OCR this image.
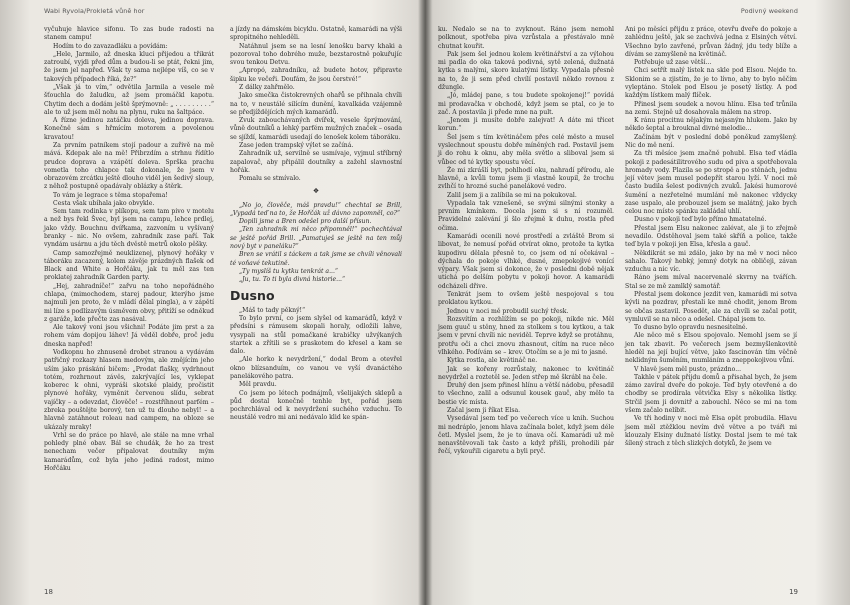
Wabi Ryvola/Prokletá vůně hor

vyčuhuje hlavice sifonu. To zas bude radosti na stanem campu!

Hodím to do zavazadláku a povídám:

„Hele, Jarmilo, až dneska kluci přijedou a třikrát zatroubí, vyjdi před dům a budou-li se ptát, řekni jim, že jsem jel napřed. Však ty sama nejlépe víš, co se v takových případech říká, že?“

„Však já to vím,“ odvětila Jarmila a vesele mě šťouchla do žaludku, až jsem promáčkl kapotu. Chytim dech a dodám ještě šprýmovně: „ . . . . . . . . .“ ale to už jsem měl nohu na plynu, ruku na šaltpáce.

A řízne jedinou zatáčku doleva, jedinou doprava. Konečně sám s hřmícím motorem a povolenou kravatou!

Za prvním patníkem stojí padour a zuřivě na mě mává. Kdepak ale na mě! Přibrzdím a strhnu řídítlo prudce doprava a vzápětí doleva. Sprška prachu vometla toho chlapce tak dokonale, že jsem v obrazovém zrcátku ještě dlouho viděl jen šedivý sloup, z něhož postupně opadávaly oblázky a štěrk.

To vám je legrace s těma stopařema!

Cesta však ubíhala jako obvykle.

Sem tam rodinka v plíkopu, sem tam pivo v motelu a než bys řekl Švec, byl jsem na campu, lehce prdlej, jako vždy. Bouchnu dvířkama, zazvoním u vyšívaný branky – nic. No ovšem, zahradník zase paří. Tak vyndám usárnu a jdu těch dvěstě metrů okolo pěšky.

Camp samozřejmě neuklizenej, plynový hořáky v táboráku zacazený, kolem závěje prázdných flašek od Black and White a Hořčáku, jak tu měl zas ten proklatej zahradník Garden party.

„Hej, zahradníče!“ zařvu na toho nepořádného chlapa, (mimochodem, starej padour, kterýho jsme najmuli jen proto, že v mládí dělal pingla), a v zápětí mi líze s podlízavým úsměvem obvy, přitíží se odněkud z garáže, kde přečte zas nasával.

Ale takový voni jsou všichni! Podáte jim prst a za rohem vám dopijou láhev! Já věděl dobře, proč jedu dneska napřed!

Vodkopnu ho zhnuseně drobet stranou a vydávám patřičný rozkazy hlasem medovým, ale změjícím jeho uším jako práskání bičem: „Prodat flašky, vydrhnout totém, rozhrnout závěs, zakrývající les, vyklepat koberec k ohni, vypráši skotské plaidy, pročistit plynové hořáky, vyměnit červenou slídu, sebrat vajíčky – a odevzdat, člověče! – rozstříhnout parfém – zbreka pouštějte borový, ten už tu dlouho nebyl! – a hlavně zatáhnout roleau nad campem, na obloze se ukázaly mraky!

Vrhl se do práce po hlavě, ale stále na mne vrhal pohledy plné obav. Bál se chudák, že ho za trest nenecham večer připalovat doutníky mým kamarádům, což byla jeho jediná radost, mimo Hořčáku

a jízdy na dámském bicyklu. Ostatně, kamarádi na výši spropitného nehleděli.

Natáhnul jsem se na lesní lenošku barvy khaki a pozoroval toho dobrého muže, bezstarostně pokuřujíc svou tenkou Detvu.

„Apropó, zahradníku, až budete hotov, připravte šipku ke večeři. Doufám, že jsou čerstvé!“

Z dálky zahřmělo.

Jako smečka čistokrevných ohařů se přihnala chvíli na to, v neustálé silícím dunění, kavalkáda vzájemně se předjíždějících mých kamarádů.

Zvuk zabouchávaných dvířek, vesele šprýmování, vůně doutníků a lehký parfém mužných značek – osada se sjíždí, kamarádi usedají do lenošek kolem táboráku.

Zase jeden trampský výlet se začíná.

Zahradník už, servilně se usmívaje, vyjmul stříbrný zapalovač, aby připálil doutníky a zažehl slavnostní hořák.

Pomalu se stmívalo.

❖

„No jo, člověče, máš pravdu!“ chechtal se Brill, „Vypadá teď na to, že Hořčák už dávno zapomněl, co?“

Dopili jsme a Bren odešel pro další přísun.

„Ten zahradník mi něco připomněl!“ pochechtával se ještě pořád Brill. „Pamatuješ se ještě na ten můj nový byt v paneláku?“

Bren se vrátil s táckem a tak jsme se chvíli věnovali té voňavé tekutině.

„Ty myslíš tu kytku tenkrát a...“

„Ju, tu. To ti byla divná historie...“

Dusno

„Máš to tady pěkný!“

To bylo první, co jsem slyšel od kamarádů, když v předsíni s rámusem skopali horaly, odložili lahve, vysypali na stůl pomačkané krabičky užvýkaných startek a zřítili se s praskotem do křesel a kam se dalo.

„Ale horko k nevydržení,“ dodal Brom a otevřel okno blízsanduím, co vanou ve vyší dvanáctého panelákového patra.

Měl pravdu.

Co jsem po létech podnájmů, všelijakých sklepů a půd dostal konečně tenhle byt, pořád jsem pochrchlával od k nevydržení suchého vzduchu. To neustálé vedro mi ani nedávalo klid ke spán-

18
Podivný weekend

ku. Nedalo se na to zvyknout. Ráno jsem nemohl polknout, spotřeba piva vzrůstala a přestávalo mně chutnat kouřit.

Pak jsem šel jednou kolem květinářství a za výlohou mi padla do oka taková podivná, sytě zelená, dužnatá kytka s malými, skoro kulatými lístky. Vypadala přesně na to, že ji sem před chvílí postavil někdo rovnou z džungle.

„Jó, mládej pane, s tou budete spokojenej!“ povídá mi prodavačka v obchodě, když jsem se ptal, co je to zač. A postavila ji přede mne na pult.

„Jenom ji musíte dobře zalejvat! A dáte mi třicet korun.“

Šel jsem s tím květináčem přes celé město a musel vyslechnout spoustu dobře míněných rad. Postavil jsem ji do rohu k oknu, aby měla světlo a sliboval jsem si vůbec od té kytky spoustu věcí.

Že mi zkrášlí byt, pohlhodí oku, nahradí přírodu, ale hlavně, a kvůli tomu jsem ji vlastně koupil, že trochu zvlhčí to hrozné suché panelákové vedro.

Zalil jsem ji a zalíbila se mi na pokukoval.

Vypadala tak vznešeně, se svými silnými stonky a prvním kmínkem. Docela jsem si s ní rozuměl. Pravidelné zalévání jí šlo zřejmě k duhu, rostla před očima.

Kamarádi ocenili nové prostředí a zvláště Brom si libovat, že nemusí pořád otvírat okno, protože ta kytka kupodivu dělala přesně to, co jsem od ní očekával – dýchala do pokoje vlhké, dusné, zmepokojivé vonící výpary. Však jsem si dokonce, že v posledni době nějak utichá po delším pobytu v pokoji hovor. A kamarádi odcházeli dřive.

Tenkrát jsem to ovšem ještě nespojoval s tou proklatou kytkou.

Jednou v noci mě probudil suchý třesk.

Rozsvítím a rozhlížím se po pokoji, nikde nic. Měl jsem guuč u stěny, hned za stolkem s tou kytkou, a tak jsem v první chvíli nic neviděl. Teprve když se protáhnu, protřu oči a chci znovu zhasnout, cítím na ruce něco vlhkého. Podívám se – krev. Otočím se a je mi to jasné.

Kytka rostla, ale květináč ne.

Jak se kořeny rozrůstaly, nakonec to květináč nevydržel a roztetěl se. Jeden střep mě škrábl na čele.

Druhý den jsem přinesl hlínu a větší nádobu, přesadil to všechno, zalil a odsunul kousek gauč, aby mělo ta bestie víc místa.

Začal jsem ji říkat Elsa.

Vysedával jsem teď po večerech více u knih. Suchou mi nedráplo, jenom hlava začínala bolet, když jsem déle četl. Myslel jsem, že je to únava očí. Kamarádi už mě nenavštěvovali tak často a když přišli, prohodili pár řečí, vykouřili cigaretu a byli pryč.

Ani po měsíci přijdu z práce, otevřu dveře do pokoje a zahlédnu ještě, jak se zachvívá jedna z Elsiných větví. Všechno bylo zavřené, průvan žádný, jdu tedy blíže a dívám se zamyšleně na květináč.

Potřebuje už zase větší...

Chci setřít malý lístek na skle pod Elsou. Nejde to. Sklonim se a zjistím, že je to lívno, aby to bylo něčím vyleptáno. Stolek pod Elsou je posetý lístky. A pod každým lístkem malý flíček.

Přinesl jsem soudek a novou hlínu. Elsa teď trůnila na zemi. Stejně už dosahovala málem na strop.

K ránu procitnu nějakým nejasným hlukem. Jako by někdo šeptal a brouknal divné melodie...

Začínám být v poslední době poněkud zamyšlený. Nic do mě není.

Za tři měsíce jsem značně pohubl. Elsa teď vládla pokoji z padesátilitrového sudu od piva a spotřebovala hromady vody. Plazila se po stropě a po stěnách, jednu její větev jsem musel podepřít starou lyží. V noci mě často budila šelest podivných zvuků. Jakési humorové šumění a nezřetelné mumlání mě nakonec vždycky zase uspalo, ale probouzel jsem se malátný, jako bych celou noc místo spánku zakládal uhlí.

Dusno v pokoji teď bylo přímo hmatatelné.

Přestal jsem Elsu nakonec zalévat, ale ji to zřejmě nevadilo. Odstěhoval jsem také skříň a police, takže teď byla v pokoji jen Elsa, křesla a gauč.

Někdikrát se mi zdálo, jako by na mě v noci něco sahalo. Takový hebký, jemný dotyk na obličeji, závan vzduchu a nic víc.

Ráno jsem míval nacervenalé skvrny na tvářích. Stal se ze mě zamlklý samotář.

Přestal jsem dokonce jezdit ven, kamarádi mi sotva kývli na pozdrav, přestali ke mně chodit, jenom Brom se občas zastavil. Posedět, ale za chvíli se začal potit, vymluvil se na něco a odešel. Chápal jsem to.

To dusno bylo opravdu nesnesitelné.

Ale něco mě s Elsou spojovalo. Nemohl jsem se jí jen tak zbavit. Po večerech jsem bezmyšlenkovitě hleděl na její bující větve, jako fascinován tím věčně neklidným šuměním, mumláním a zneppokojivou vůní.

V hlavě jsem měl pusto, prázdno...

Takhle v pátek přijdu domů a přisahal bych, že jsem zámo zavíral dveře do pokoje. Teď byly otevřené a do chodby se prodírala větvička Elsy s několika lístky. Strčil jsem ji dovnitř a zabouchl. Něco se mi na tom všem začalo nelíbit.

Ve tři hodiny v noci mě Elsa opět probudila. Hlavu jsem měl ztěžklou nevím dvě větve a po tváři mi klouzaly Elsiny dužnaté lístky. Dostal jsem te mé tak šílený strach z těch slizkých dotyků, že jsem ve

19
